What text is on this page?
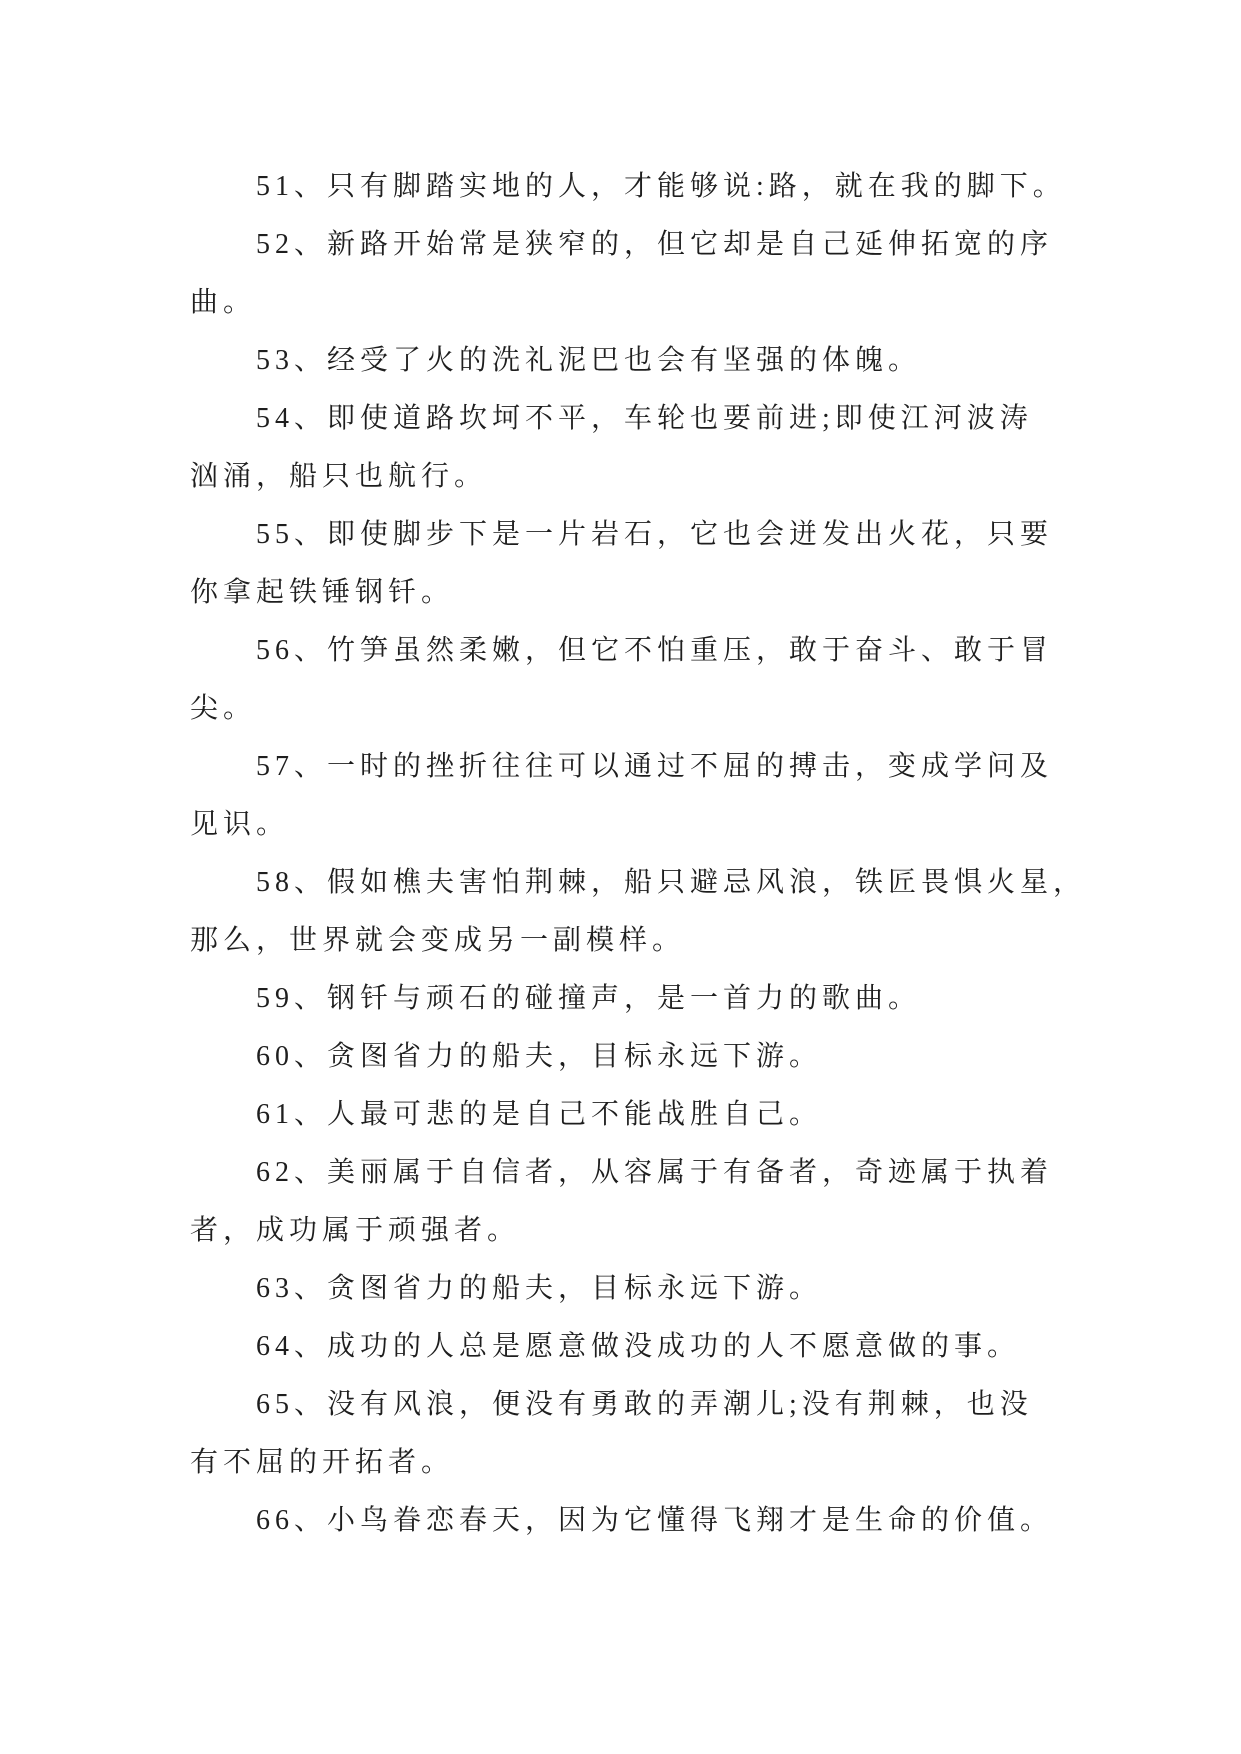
51、只有脚踏实地的人，才能够说:路，就在我的脚下。
52、新路开始常是狭窄的，但它却是自己延伸拓宽的序
曲。
53、经受了火的洗礼泥巴也会有坚强的体魄。
54、即使道路坎坷不平，车轮也要前进;即使江河波涛
汹涌，船只也航行。
55、即使脚步下是一片岩石，它也会迸发出火花，只要
你拿起铁锤钢钎。
56、竹笋虽然柔嫩，但它不怕重压，敢于奋斗、敢于冒
尖。
57、一时的挫折往往可以通过不屈的搏击，变成学问及
见识。
58、假如樵夫害怕荆棘，船只避忌风浪，铁匠畏惧火星，
那么，世界就会变成另一副模样。
59、钢钎与顽石的碰撞声，是一首力的歌曲。
60、贪图省力的船夫，目标永远下游。
61、人最可悲的是自己不能战胜自己。
62、美丽属于自信者，从容属于有备者，奇迹属于执着
者，成功属于顽强者。
63、贪图省力的船夫，目标永远下游。
64、成功的人总是愿意做没成功的人不愿意做的事。
65、没有风浪，便没有勇敢的弄潮儿;没有荆棘，也没
有不屈的开拓者。
66、小鸟眷恋春天，因为它懂得飞翔才是生命的价值。
